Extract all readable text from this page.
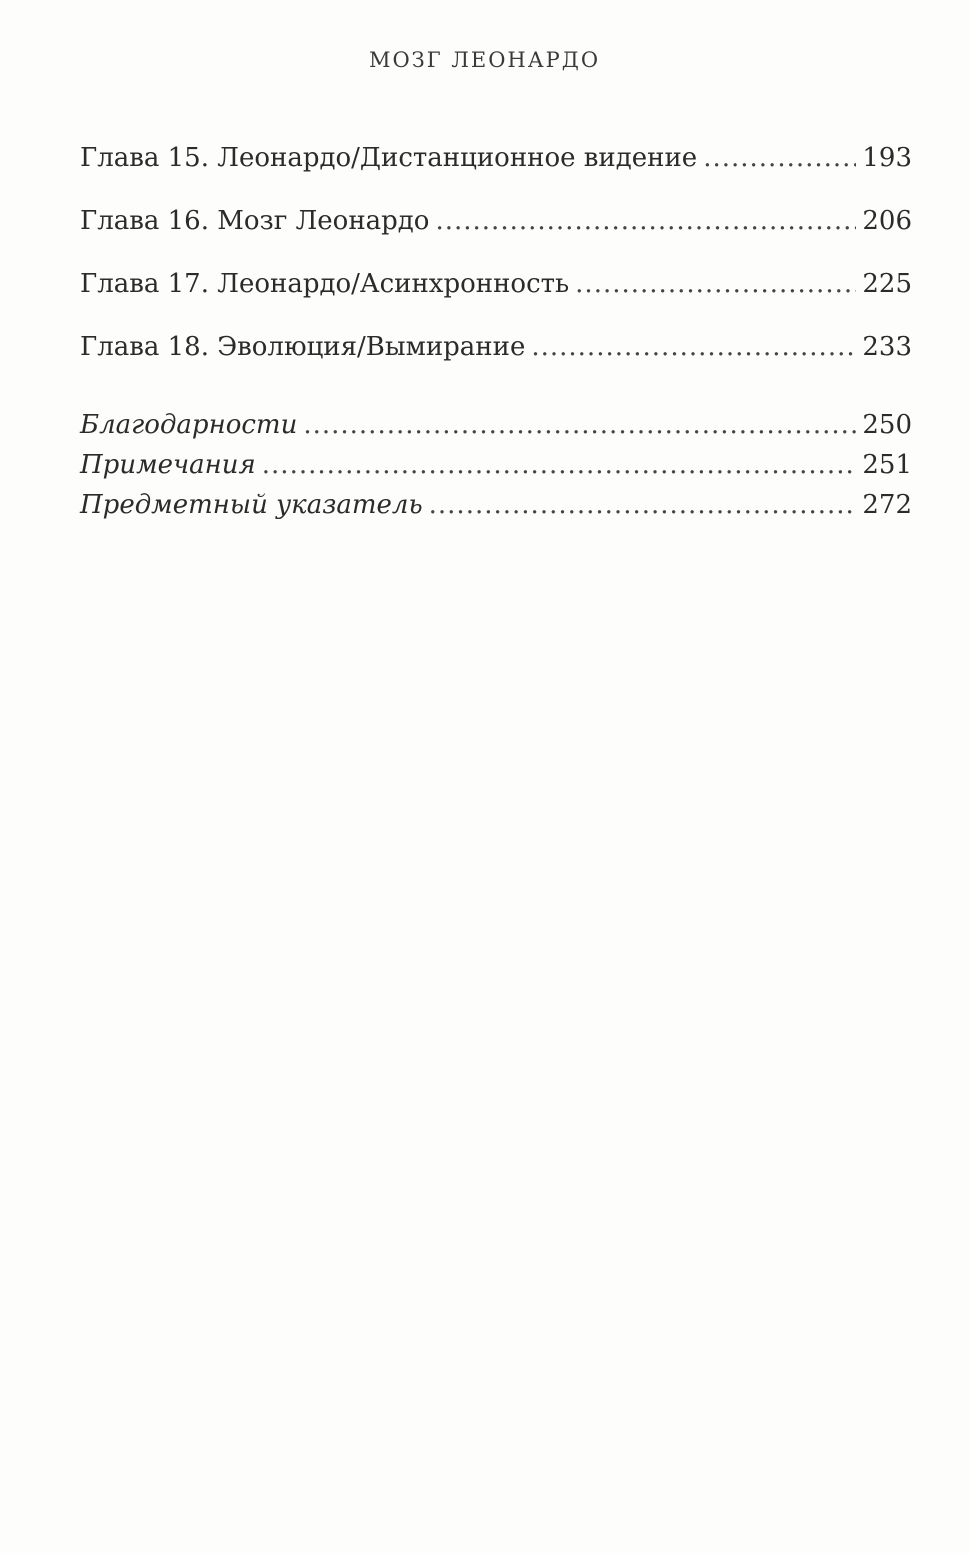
МОЗГ ЛЕОНАРДО
Глава 15. Леонардо/Дистанционное видение .....	193
Глава 16. Мозг Леонардо .....	206
Глава 17. Леонардо/Асинхронность .....	225
Глава 18. Эволюция/Вымирание .....	233
Благодарности .....	250
Примечания .....	251
Предметный указатель .....	272
